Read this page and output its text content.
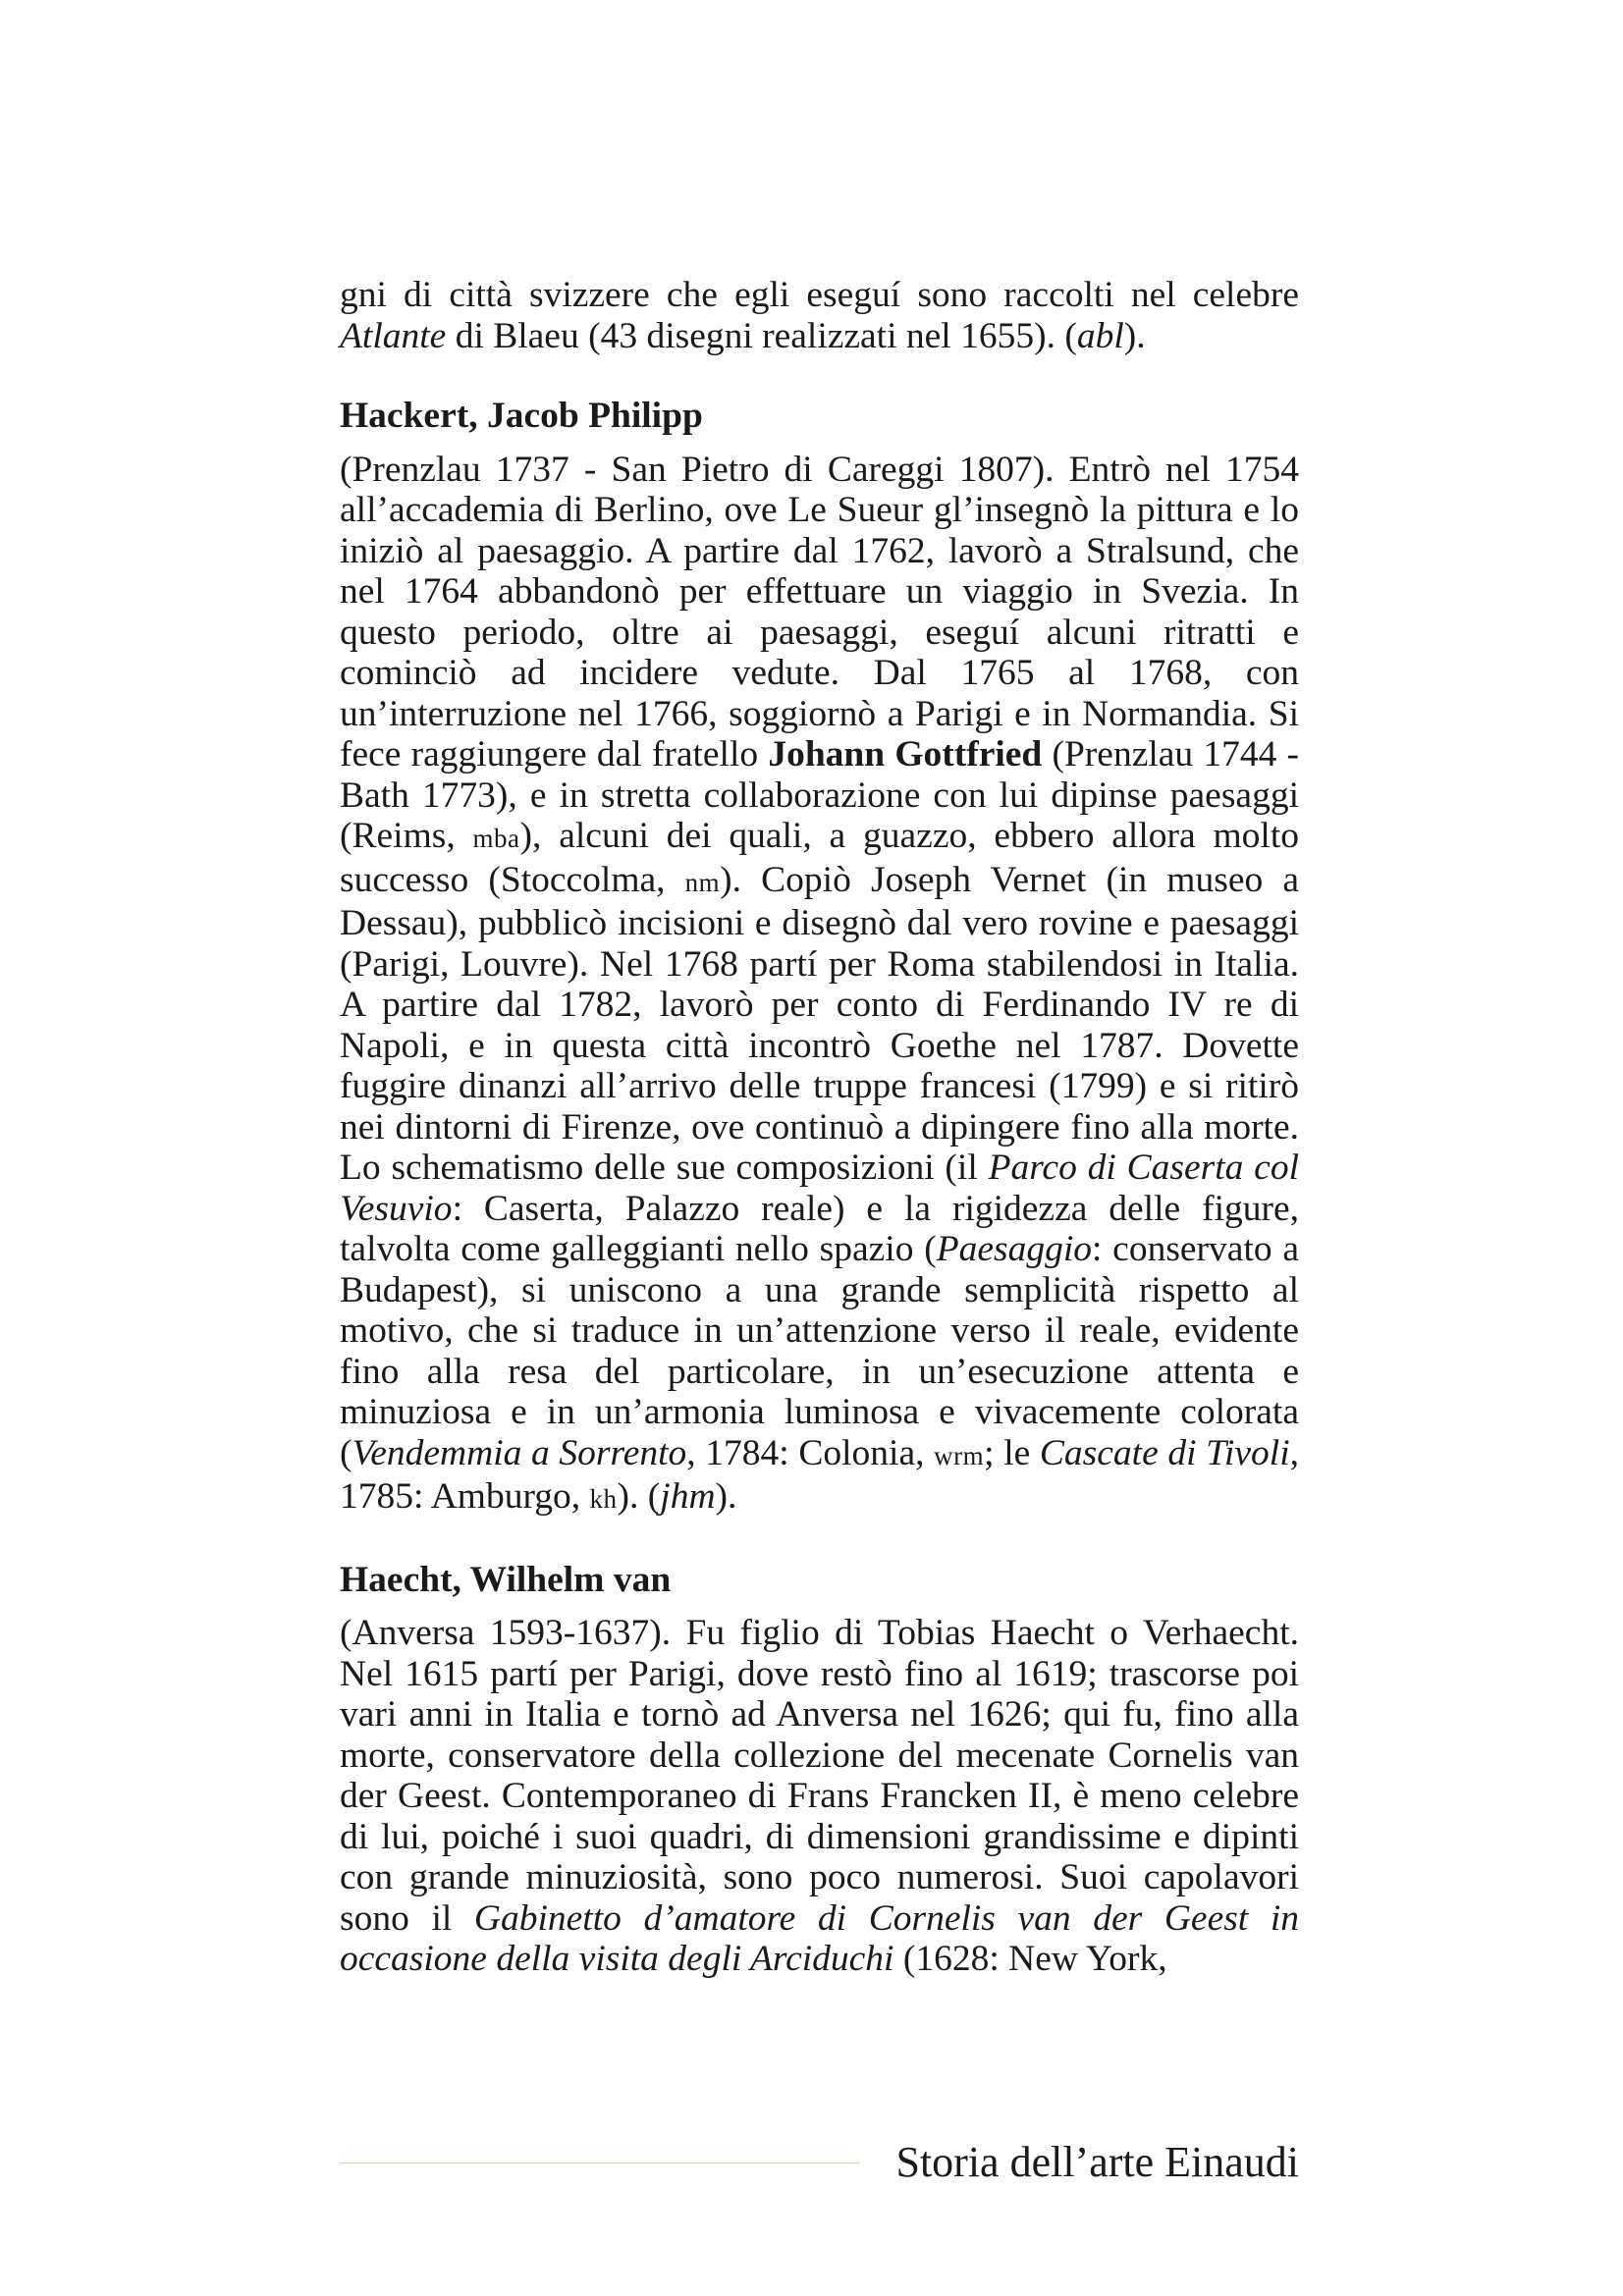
gni di città svizzere che egli eseguí sono raccolti nel celebre Atlante di Blaeu (43 disegni realizzati nel 1655). (abl).

Hackert, Jacob Philipp

(Prenzlau 1737 - San Pietro di Careggi 1807). Entrò nel 1754 all’accademia di Berlino, ove Le Sueur gl’insegnò la pittura e lo iniziò al paesaggio. A partire dal 1762, lavorò a Stralsund, che nel 1764 abbandonò per effettuare un viaggio in Svezia. In questo periodo, oltre ai paesaggi, eseguí alcuni ritratti e cominciò ad incidere vedute. Dal 1765 al 1768, con un’interruzione nel 1766, soggiornò a Parigi e in Normandia. Si fece raggiungere dal fratello Johann Gottfried (Prenzlau 1744 - Bath 1773), e in stretta collaborazione con lui dipinse paesaggi (Reims, mba), alcuni dei quali, a guazzo, ebbero allora molto successo (Stoccolma, nm). Copiò Joseph Vernet (in museo a Dessau), pubblicò incisioni e disegnò dal vero rovine e paesaggi (Parigi, Louvre). Nel 1768 partí per Roma stabilendosi in Italia. A partire dal 1782, lavorò per conto di Ferdinando IV re di Napoli, e in questa città incontrò Goethe nel 1787. Dovette fuggire dinanzi all’arrivo delle truppe francesi (1799) e si ritirò nei dintorni di Firenze, ove continuò a dipingere fino alla morte. Lo schematismo delle sue composizioni (il Parco di Caserta col Vesuvio: Caserta, Palazzo reale) e la rigidezza delle figure, talvolta come galleggianti nello spazio (Paesaggio: conservato a Budapest), si uniscono a una grande semplicità rispetto al motivo, che si traduce in un’attenzione verso il reale, evidente fino alla resa del particolare, in un’esecuzione attenta e minuziosa e in un’armonia luminosa e vivacemente colorata (Vendemmia a Sorrento, 1784: Colonia, wrm; le Cascate di Tivoli, 1785: Amburgo, kh). (jhm).

Haecht, Wilhelm van

(Anversa 1593-1637). Fu figlio di Tobias Haecht o Verhaecht. Nel 1615 partí per Parigi, dove restò fino al 1619; trascorse poi vari anni in Italia e tornò ad Anversa nel 1626; qui fu, fino alla morte, conservatore della collezione del mecenate Cornelis van der Geest. Contemporaneo di Frans Francken II, è meno celebre di lui, poiché i suoi quadri, di dimensioni grandissime e dipinti con grande minuziosità, sono poco numerosi. Suoi capolavori sono il Gabinetto d’amatore di Cornelis van der Geest in occasione della visita degli Arciduchi (1628: New York,

Storia dell’arte Einaudi
